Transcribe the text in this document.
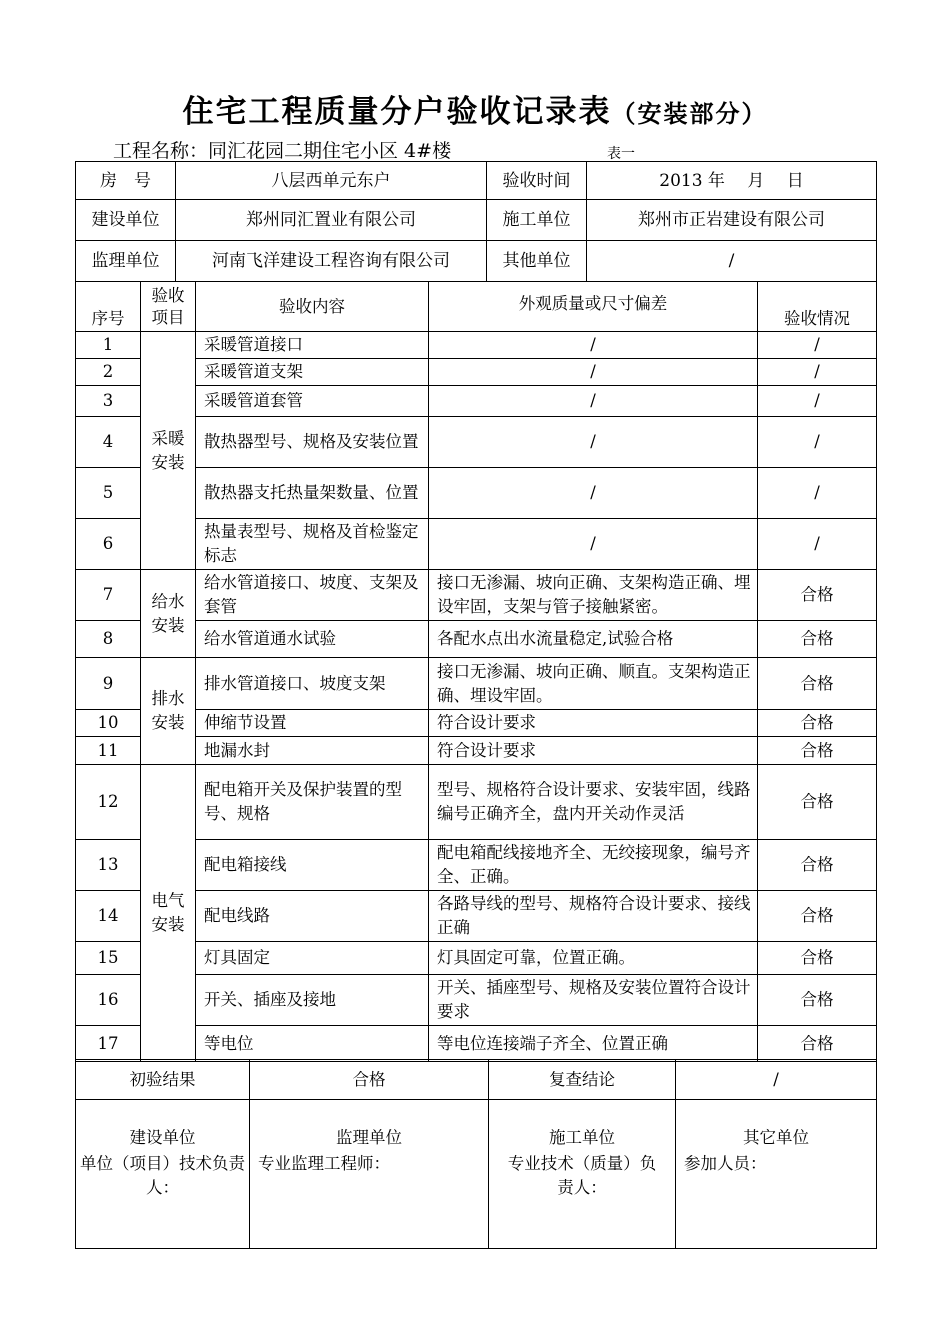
住宅工程质量分户验收记录表（安装部分）
工程名称：同汇花园二期住宅小区 4#楼	表一
房　号	八层西单元东户	验收时间	2013 年　 月　 日
建设单位	郑州同汇置业有限公司	施工单位	郑州市正岩建设有限公司
监理单位	河南飞洋建设工程咨询有限公司	其他单位	/
序号	验收项目	验收内容	外观质量或尺寸偏差	验收情况
1	采暖安装	采暖管道接口	/	/
2		采暖管道支架	/	/
3		采暖管道套管	/	/
4		散热器型号、规格及安装位置	/	/
5		散热器支托热量架数量、位置	/	/
6		热量表型号、规格及首检鉴定标志	/	/
7	给水安装	给水管道接口、坡度、支架及套管	接口无渗漏、坡向正确、支架构造正确、埋设牢固，支架与管子接触紧密。	合格
8		给水管道通水试验	各配水点出水流量稳定,试验合格	合格
9	排水安装	排水管道接口、坡度支架	接口无渗漏、坡向正确、顺直。支架构造正确、埋设牢固。	合格
10		伸缩节设置	符合设计要求	合格
11		地漏水封	符合设计要求	合格
12	电气安装	配电箱开关及保护装置的型号、规格	型号、规格符合设计要求、安装牢固，线路编号正确齐全，盘内开关动作灵活	合格
13		配电箱接线	配电箱配线接地齐全、无绞接现象，编号齐全、正确。	合格
14		配电线路	各路导线的型号、规格符合设计要求、接线正确	合格
15		灯具固定	灯具固定可靠，位置正确。	合格
16		开关、插座及接地	开关、插座型号、规格及安装位置符合设计要求	合格
17		等电位	等电位连接端子齐全、位置正确	合格
初验结果	合格	复查结论	/
建设单位	监理单位	施工单位	其它单位
单位（项目）技术负责人：	专业监理工程师：	专业技术（质量）负责人：	参加人员：
